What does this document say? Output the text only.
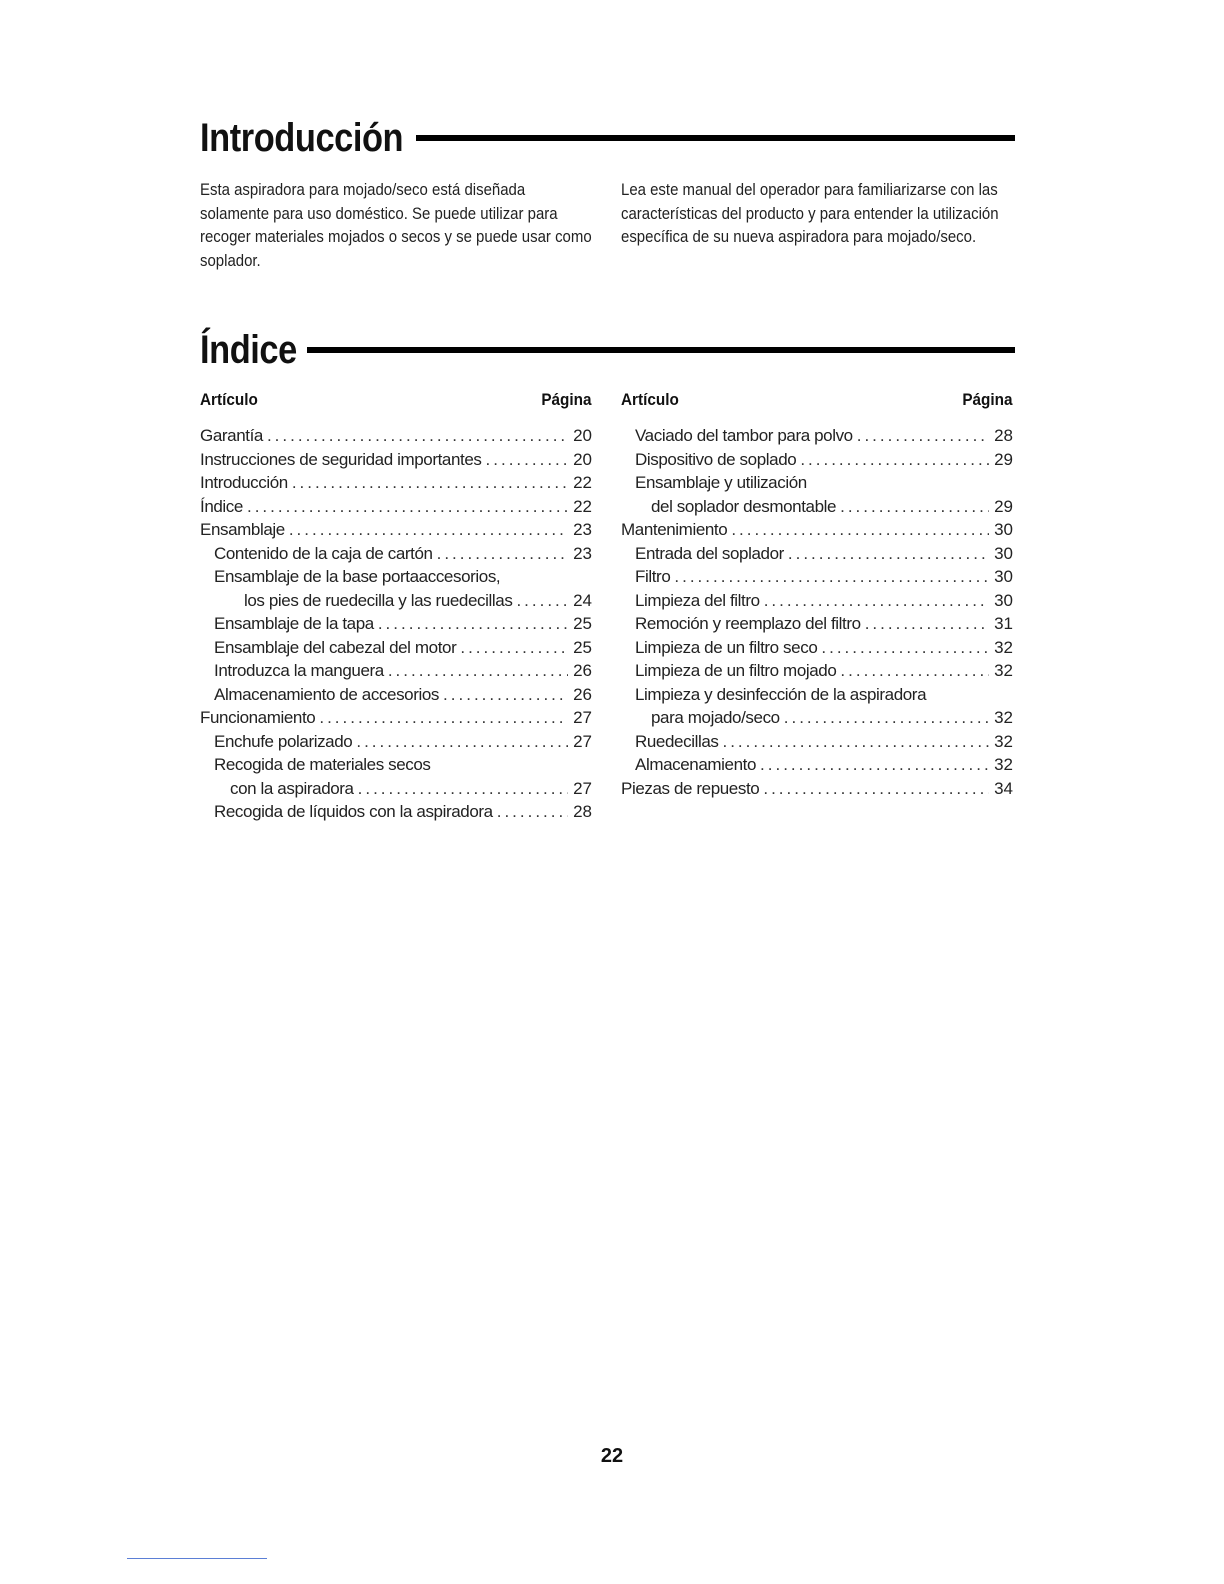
Introducción

Esta aspiradora para mojado/seco está diseñada solamente para uso doméstico. Se puede utilizar para recoger materiales mojados o secos y se puede usar como soplador.

Lea este manual del operador para familiarizarse con las características del producto y para entender la utilización específica de su nueva aspiradora para mojado/seco.

Índice
Artículo	Página
Garantía .....	20
Instrucciones de seguridad importantes .....	20
Introducción .....	22
Índice .....	22
Ensamblaje .....	23
Contenido de la caja de cartón .....	23
Ensamblaje de la base portaaccesorios,
los pies de ruedecilla y las ruedecillas .....	24
Ensamblaje de la tapa .....	25
Ensamblaje del cabezal del motor .....	25
Introduzca la manguera .....	26
Almacenamiento de accesorios .....	26
Funcionamiento .....	27
Enchufe polarizado .....	27
Recogida de materiales secos
con la aspiradora .....	27
Recogida de líquidos con la aspiradora .....	28
Artículo	Página
Vaciado del tambor para polvo .....	28
Dispositivo de soplado .....	29
Ensamblaje y utilización
del soplador desmontable .....	29
Mantenimiento .....	30
Entrada del soplador .....	30
Filtro .....	30
Limpieza del filtro .....	30
Remoción y reemplazo del filtro .....	31
Limpieza de un filtro seco .....	32
Limpieza de un filtro mojado .....	32
Limpieza y desinfección de la aspiradora
para mojado/seco .....	32
Ruedecillas .....	32
Almacenamiento .....	32
Piezas de repuesto .....	34
22
